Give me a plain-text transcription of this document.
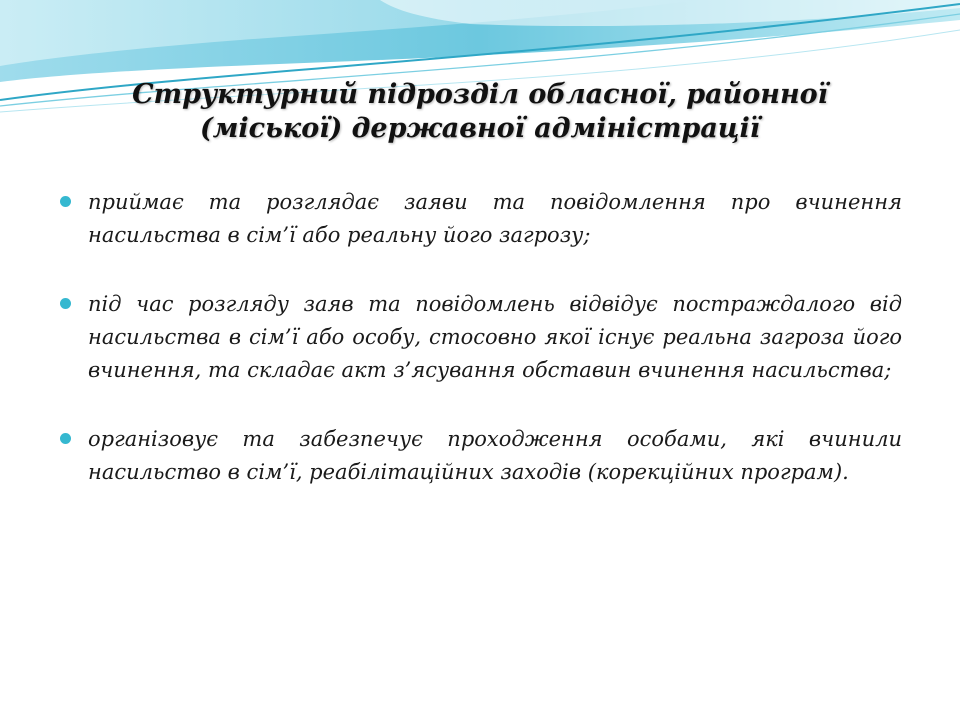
Структурний підрозділ обласної, районної
(міської) державної адміністрації
приймає та розглядає заяви та повідомлення про вчинення насильства в сім’ї або реальну його загрозу;
під час розгляду заяв та повідомлень відвідує постраждалого від насильства в сім’ї або особу, стосовно якої існує реальна загроза його вчинення, та складає акт з’ясування обставин вчинення насильства;
організовує та забезпечує проходження особами, які вчинили насильство в сім’ї, реабілітаційних заходів (корекційних програм).
